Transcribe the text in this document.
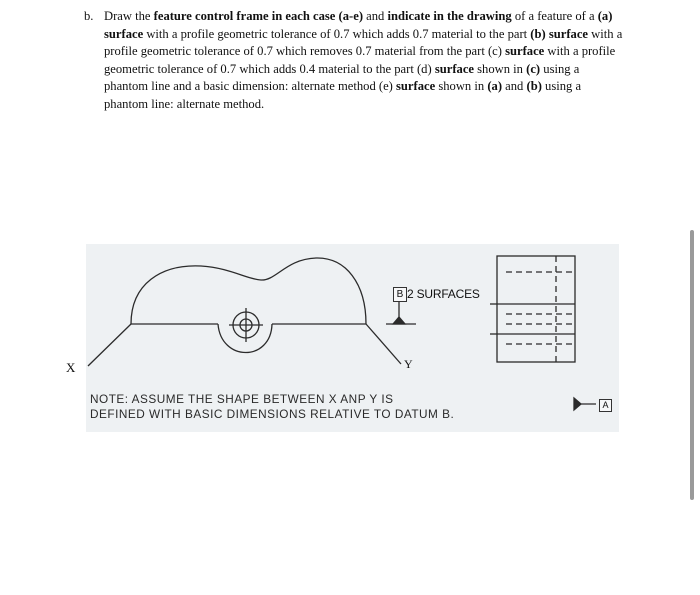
b. Draw the feature control frame in each case (a-e) and indicate in the drawing of a feature of a (a) surface with a profile geometric tolerance of 0.7 which adds 0.7 material to the part (b) surface with a profile geometric tolerance of 0.7 which removes 0.7 material from the part (c) surface with a profile geometric tolerance of 0.7 which adds 0.4 material to the part (d) surface shown in (c) using a phantom line and a basic dimension: alternate method (e) surface shown in (a) and (b) using a phantom line: alternate method.
X	Y
B 2 SURFACES
NOTE: ASSUME THE SHAPE BETWEEN X ANP Y IS
DEFINED WITH BASIC DIMENSIONS RELATIVE TO DATUM B.
A
